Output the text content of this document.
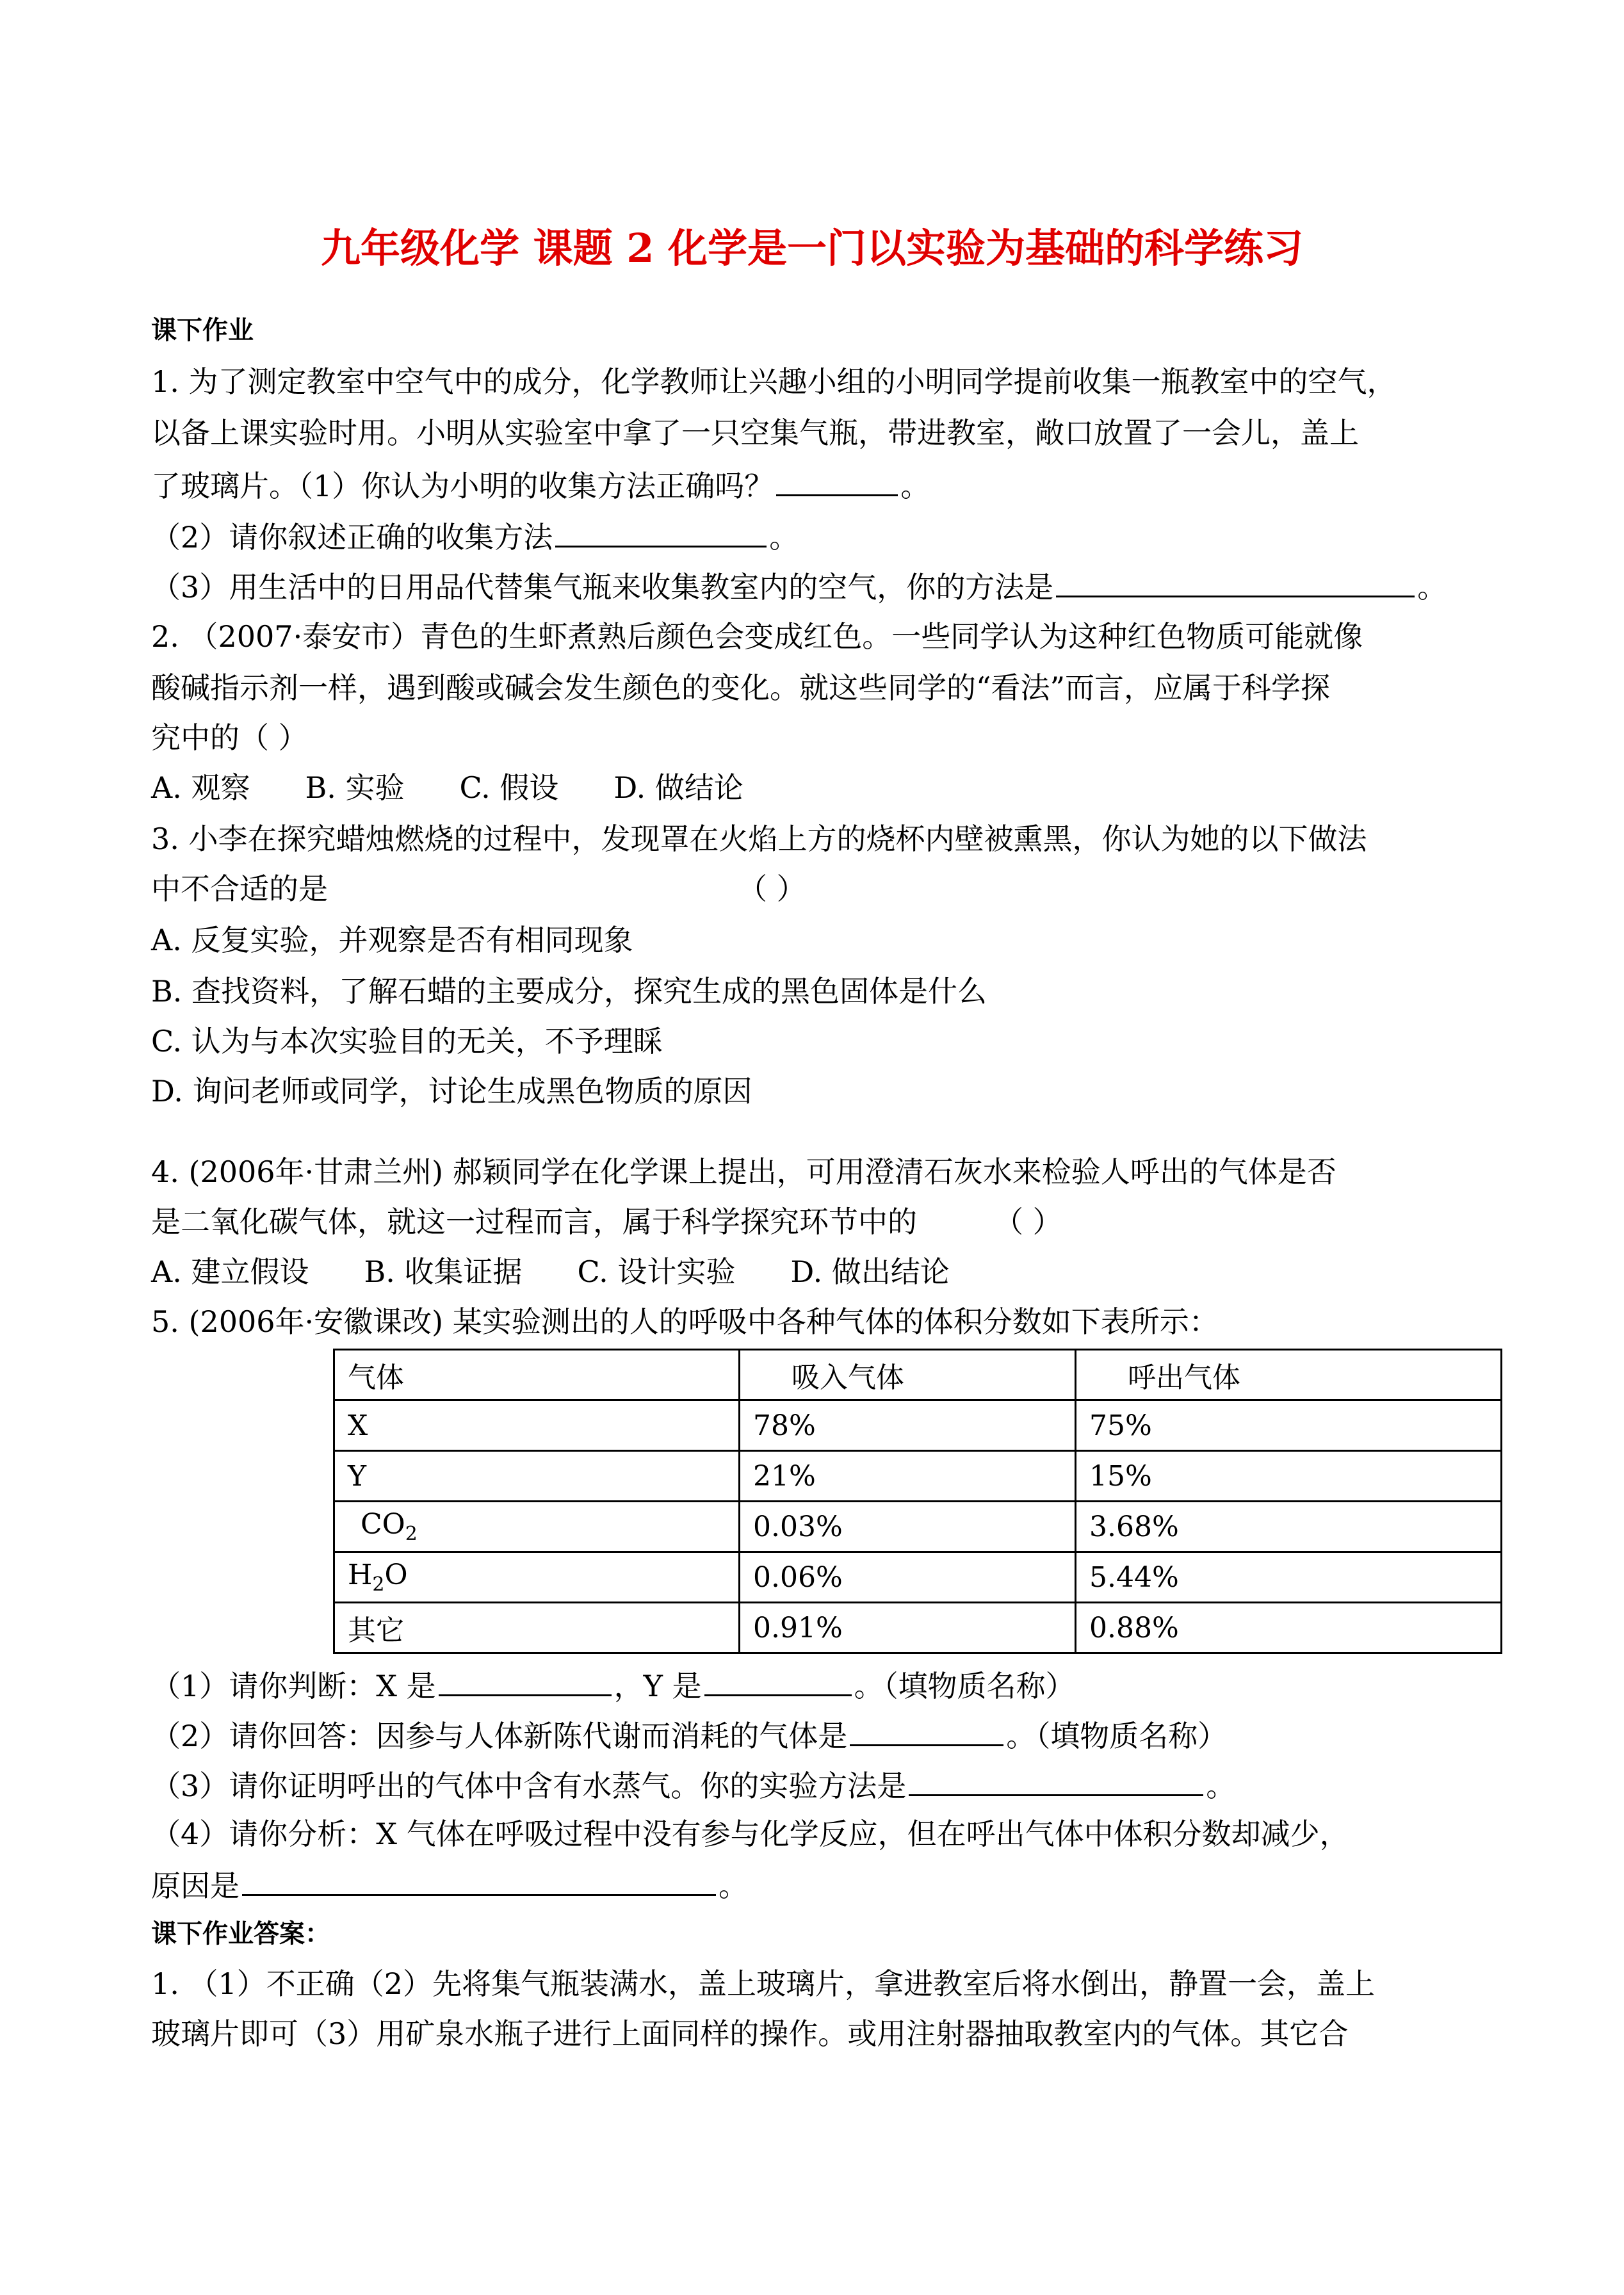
九年级化学 课题 2 化学是一门以实验为基础的科学练习
课下作业
1. 为了测定教室中空气中的成分，化学教师让兴趣小组的小明同学提前收集一瓶教室中的空气，
以备上课实验时用。小明从实验室中拿了一只空集气瓶，带进教室，敞口放置了一会儿，盖上
了玻璃片。（1）你认为小明的收集方法正确吗？	。
（2）请你叙述正确的收集方法	。
（3）用生活中的日用品代替集气瓶来收集教室内的空气，你的方法是	。
2. （2007·泰安市）青色的生虾煮熟后颜色会变成红色。一些同学认为这种红色物质可能就像
酸碱指示剂一样，遇到酸或碱会发生颜色的变化。就这些同学的“看法”而言，应属于科学探
究中的（ ）
A. 观察 B. 实验 C. 假设 D. 做结论
3. 小李在探究蜡烛燃烧的过程中，发现罩在火焰上方的烧杯内壁被熏黑，你认为她的以下做法
中不合适的是	（ ）
A. 反复实验，并观察是否有相同现象
B. 查找资料，了解石蜡的主要成分，探究生成的黑色固体是什么
C. 认为与本次实验目的无关，不予理睬
D. 询问老师或同学，讨论生成黑色物质的原因
4. (2006年·甘肃兰州) 郝颖同学在化学课上提出，可用澄清石灰水来检验人呼出的气体是否
是二氧化碳气体，就这一过程而言，属于科学探究环节中的	（ ）
A. 建立假设 B. 收集证据 C. 设计实验 D. 做出结论
5. (2006年·安徽课改) 某实验测出的人的呼吸中各种气体的体积分数如下表所示：
气体	吸入气体	呼出气体
X	78%	75%
Y	21%	15%
$CO_2$	0.03%	3.68%
$H_2O$	0.06%	5.44%
其它	0.91%	0.88%
（1）请你判断：X 是	，Y 是	。（填物质名称）
（2）请你回答：因参与人体新陈代谢而消耗的气体是	。（填物质名称）
（3）请你证明呼出的气体中含有水蒸气。你的实验方法是	。
（4）请你分析：X 气体在呼吸过程中没有参与化学反应，但在呼出气体中体积分数却减少，
原因是	。
课下作业答案：
1. （1）不正确（2）先将集气瓶装满水，盖上玻璃片，拿进教室后将水倒出，静置一会，盖上
玻璃片即可（3）用矿泉水瓶子进行上面同样的操作。或用注射器抽取教室内的气体。其它合
